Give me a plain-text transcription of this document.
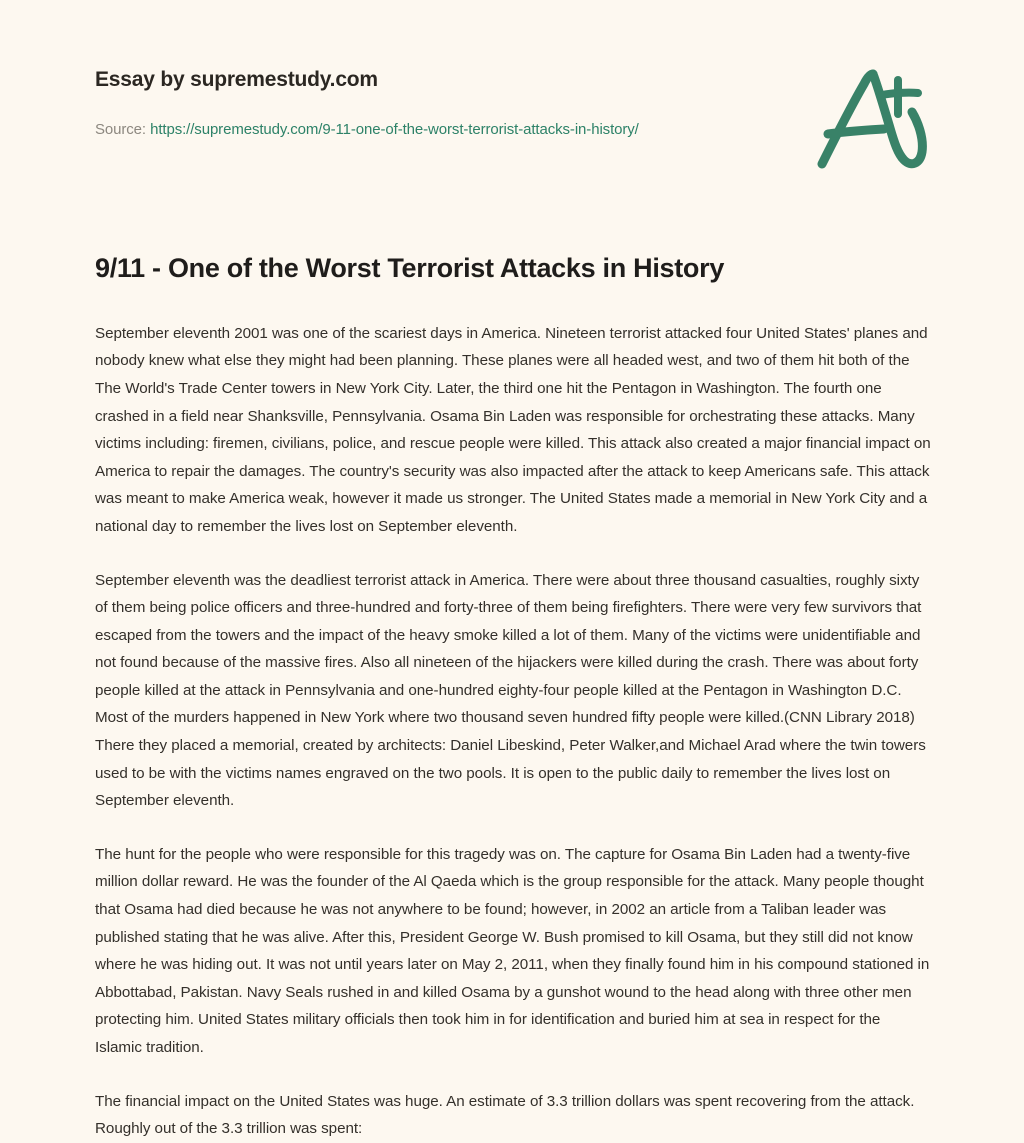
Essay by supremestudy.com
Source: https://supremestudy.com/9-11-one-of-the-worst-terrorist-attacks-in-history/
9/11 - One of the Worst Terrorist Attacks in History

September eleventh 2001 was one of the scariest days in America. Nineteen terrorist attacked four United States' planes and nobody knew what else they might had been planning. These planes were all headed west, and two of them hit both of the The World's Trade Center towers in New York City. Later, the third one hit the Pentagon in Washington. The fourth one crashed in a field near Shanksville, Pennsylvania. Osama Bin Laden was responsible for orchestrating these attacks. Many victims including: firemen, civilians, police, and rescue people were killed. This attack also created a major financial impact on America to repair the damages. The country's security was also impacted after the attack to keep Americans safe. This attack was meant to make America weak, however it made us stronger. The United States made a memorial in New York City and a national day to remember the lives lost on September eleventh.

September eleventh was the deadliest terrorist attack in America. There were about three thousand casualties, roughly sixty of them being police officers and three-hundred and forty-three of them being firefighters. There were very few survivors that escaped from the towers and the impact of the heavy smoke killed a lot of them. Many of the victims were unidentifiable and not found because of the massive fires. Also all nineteen of the hijackers were killed during the crash. There was about forty people killed at the attack in Pennsylvania and one-hundred eighty-four people killed at the Pentagon in Washington D.C. Most of the murders happened in New York where two thousand seven hundred fifty people were killed.(CNN Library 2018) There they placed a memorial, created by architects: Daniel Libeskind, Peter Walker,and Michael Arad where the twin towers used to be with the victims names engraved on the two pools. It is open to the public daily to remember the lives lost on September eleventh.

The hunt for the people who were responsible for this tragedy was on. The capture for Osama Bin Laden had a twenty-five million dollar reward. He was the founder of the Al Qaeda which is the group responsible for the attack. Many people thought that Osama had died because he was not anywhere to be found; however, in 2002 an article from a Taliban leader was published stating that he was alive. After this, President George W. Bush promised to kill Osama, but they still did not know where he was hiding out. It was not until years later on May 2, 2011, when they finally found him in his compound stationed in Abbottabad, Pakistan. Navy Seals rushed in and killed Osama by a gunshot wound to the head along with three other men protecting him. United States military officials then took him in for identification and buried him at sea in respect for the Islamic tradition.

The financial impact on the United States was huge. An estimate of 3.3 trillion dollars was spent recovering from the attack. Roughly out of the 3.3 trillion was spent:
